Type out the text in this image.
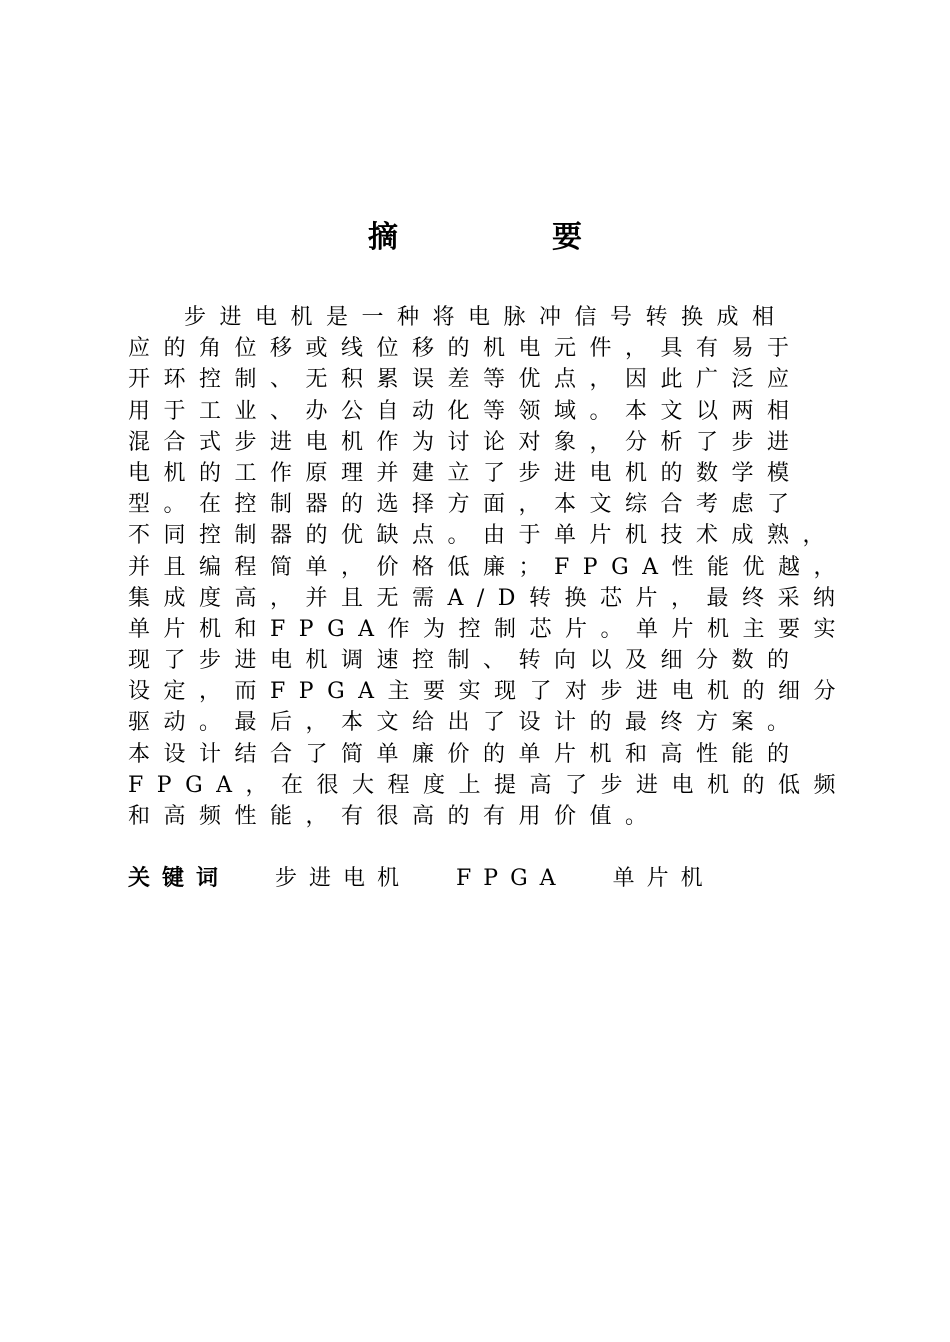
摘　要
步进电机是一种将电脉冲信号转换成相
应的角位移或线位移的机电元件，具有易于
开环控制、无积累误差等优点，因此广泛应
用于工业、办公自动化等领域。本文以两相
混合式步进电机作为讨论对象，分析了步进
电机的工作原理并建立了步进电机的数学模
型。在控制器的选择方面，本文综合考虑了
不同控制器的优缺点。由于单片机技术成熟，
并且编程简单，价格低廉；FPGA性能优越，
集成度高，并且无需A/D转换芯片，最终采纳
单片机和FPGA作为控制芯片。单片机主要实
现了步进电机调速控制、转向以及细分数的
设定，而FPGA主要实现了对步进电机的细分
驱动。最后，本文给出了设计的最终方案。
本设计结合了简单廉价的单片机和高性能的
FPGA，在很大程度上提高了步进电机的低频
和高频性能，有很高的有用价值。
关键词 步进电机 FPGA 单片机
